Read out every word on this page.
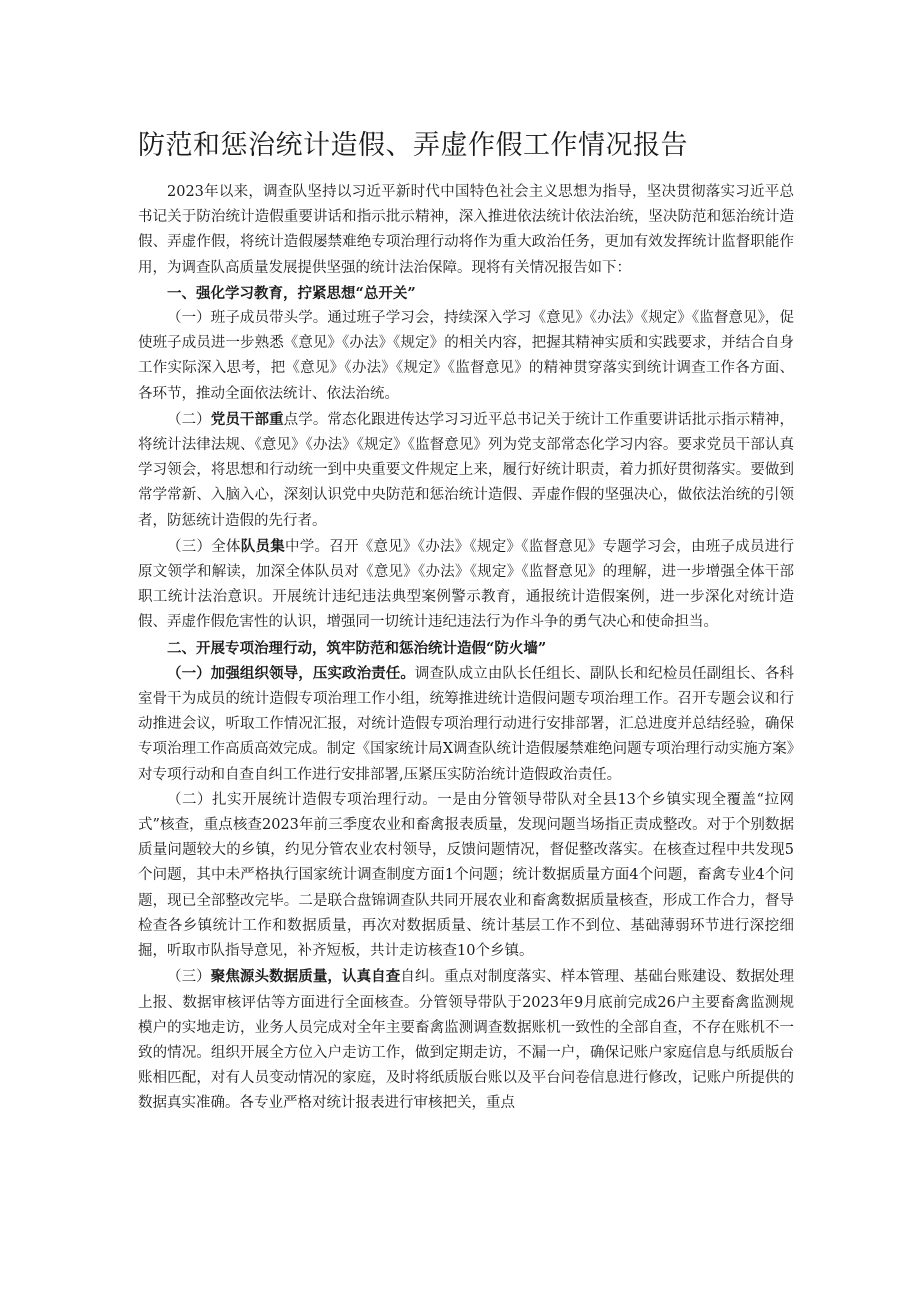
防范和惩治统计造假、弄虚作假工作情况报告

2023年以来，调查队坚持以习近平新时代中国特色社会主义思想为指导，坚决贯彻落实习近平总书记关于防治统计造假重要讲话和指示批示精神，深入推进依法统计依法治统，坚决防范和惩治统计造假、弄虚作假，将统计造假屡禁难绝专项治理行动将作为重大政治任务，更加有效发挥统计监督职能作用，为调查队高质量发展提供坚强的统计法治保障。现将有关情况报告如下：

一、强化学习教育，拧紧思想“总开关”

（一）班子成员带头学。通过班子学习会，持续深入学习《意见》《办法》《规定》《监督意见》，促使班子成员进一步熟悉《意见》《办法》《规定》的相关内容，把握其精神实质和实践要求，并结合自身工作实际深入思考，把《意见》《办法》《规定》《监督意见》的精神贯穿落实到统计调查工作各方面、各环节，推动全面依法统计、依法治统。

（二）党员干部重点学。常态化跟进传达学习习近平总书记关于统计工作重要讲话批示指示精神，将统计法律法规、《意见》《办法》《规定》《监督意见》列为党支部常态化学习内容。要求党员干部认真学习领会，将思想和行动统一到中央重要文件规定上来，履行好统计职责，着力抓好贯彻落实。要做到常学常新、入脑入心，深刻认识党中央防范和惩治统计造假、弄虚作假的坚强决心，做依法治统的引领者，防惩统计造假的先行者。

（三）全体队员集中学。召开《意见》《办法》《规定》《监督意见》专题学习会，由班子成员进行原文领学和解读，加深全体队员对《意见》《办法》《规定》《监督意见》的理解，进一步增强全体干部职工统计法治意识。开展统计违纪违法典型案例警示教育，通报统计造假案例，进一步深化对统计造假、弄虚作假危害性的认识，增强同一切统计违纪违法行为作斗争的勇气决心和使命担当。

二、开展专项治理行动，筑牢防范和惩治统计造假“防火墙”

（一）加强组织领导，压实政治责任。调查队成立由队长任组长、副队长和纪检员任副组长、各科室骨干为成员的统计造假专项治理工作小组，统筹推进统计造假问题专项治理工作。召开专题会议和行动推进会议，听取工作情况汇报，对统计造假专项治理行动进行安排部署，汇总进度并总结经验，确保专项治理工作高质高效完成。制定《国家统计局X调查队统计造假屡禁难绝问题专项治理行动实施方案》对专项行动和自查自纠工作进行安排部署,压紧压实防治统计造假政治责任。

（二）扎实开展统计造假专项治理行动。一是由分管领导带队对全县13个乡镇实现全覆盖“拉网式”核查，重点核查2023年前三季度农业和畜禽报表质量，发现问题当场指正责成整改。对于个别数据质量问题较大的乡镇，约见分管农业农村领导，反馈问题情况，督促整改落实。在核查过程中共发现5个问题，其中未严格执行国家统计调查制度方面1个问题；统计数据质量方面4个问题，畜禽专业4个问题，现已全部整改完毕。二是联合盘锦调查队共同开展农业和畜禽数据质量核查，形成工作合力，督导检查各乡镇统计工作和数据质量，再次对数据质量、统计基层工作不到位、基础薄弱环节进行深挖细掘，听取市队指导意见，补齐短板，共计走访核查10个乡镇。

（三）聚焦源头数据质量，认真自查自纠。重点对制度落实、样本管理、基础台账建设、数据处理上报、数据审核评估等方面进行全面核查。分管领导带队于2023年9月底前完成26户主要畜禽监测规模户的实地走访，业务人员完成对全年主要畜禽监测调查数据账机一致性的全部自查，不存在账机不一致的情况。组织开展全方位入户走访工作，做到定期走访，不漏一户，确保记账户家庭信息与纸质版台账相匹配，对有人员变动情况的家庭，及时将纸质版台账以及平台问卷信息进行修改，记账户所提供的数据真实准确。各专业严格对统计报表进行审核把关，重点
